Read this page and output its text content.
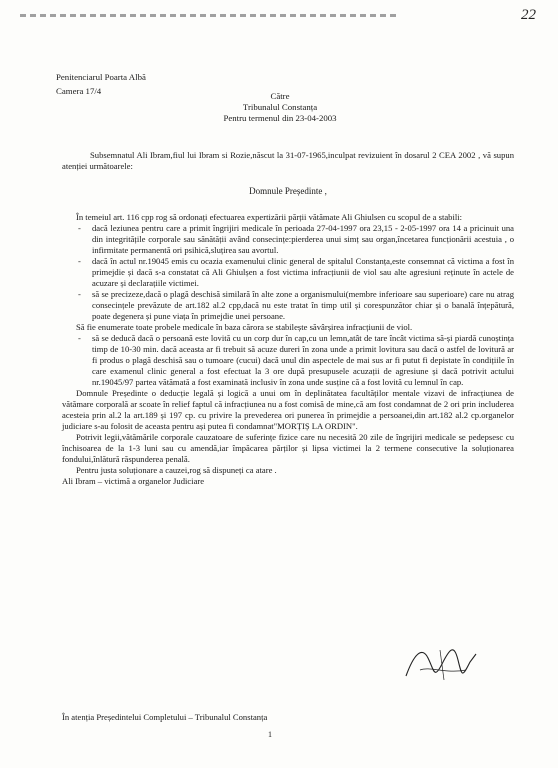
22
Penitenciarul Poarta Albă
Camera 17/4	Către
Tribunalul Constanța
Pentru termenul din 23-04-2003

Subsemnatul Ali Ibram,fiul lui Ibram si Rozie,născut la 31-07-1965,inculpat revizuient în dosarul 2 CEA 2002 , vă supun atenției următoarele:

Domnule Președinte ,

În temeiul art. 116 cpp rog să ordonați efectuarea expertizării părții vătămate Ali Ghiulsen cu scopul de a stabili:

- dacă leziunea pentru care a primit îngrijiri medicale în perioada 27-04-1997 ora 23,15 - 2-05-1997 ora 14 a pricinuit una din integritățile corporale sau sănătății având consecințe:pierderea unui simț sau organ,încetarea funcționării acestuia , o infirmitate permanentă ori psihică,sluțirea sau avortul.
- dacă în actul nr.19045 emis cu ocazia examenului clinic general de spitalul Constanța,este consemnat că victima a fost în primejdie și dacă s-a constatat că Ali Ghiulșen a fost victima infracțiunii de viol sau alte agresiuni reținute în actele de acuzare și declarațiile victimei.
- să se precizeze,dacă o plagă deschisă similară în alte zone a organismului(membre inferioare sau superioare) care nu atrag consecințele prevăzute de art.182 al.2 cpp,dacă nu este tratat în timp util și corespunzător chiar și o banală înțepătură, poate degenera și pune viața în primejdie unei persoane.

Să fie enumerate toate probele medicale în baza cărora se stabilește săvârșirea infracțiunii de viol.

- să se deducă dacă o persoană este lovită cu un corp dur în cap,cu un lemn,atât de tare încât victima să-și piardă cunoștința timp de 10-30 min. dacă aceasta ar fi trebuit să acuze dureri în zona unde a primit lovitura sau dacă o astfel de lovitură ar fi produs o plagă deschisă sau o tumoare (cucui) dacă unul din aspectele de mai sus ar fi putut fi depistate în condițiile în care examenul clinic general a fost efectuat la 3 ore după presupusele acuzații de agresiune și dacă potrivit actului nr.19045/97 partea vătămată a fost examinată inclusiv în zona unde susține că a fost lovită cu lemnul în cap.

Domnule Președinte o deducție legală și logică a unui om în deplinătatea facultăților mentale vizavi de infracțiunea de vătămare corporală ar scoate în relief faptul că infracțiunea nu a fost comisă de mine,că am fost condamnat de 2 ori prin includerea acesteia prin al.2 la art.189 și 197 cp. cu privire la prevederea ori punerea în primejdie a persoanei,din art.182 al.2 cp.organelor judiciare s-au folosit de aceasta pentru ași putea fi condamnat"MORȚIȘ LA ORDIN".

Potrivit legii,vătămările corporale cauzatoare de suferințe fizice care nu necesită 20 zile de îngrijiri medicale se pedepsesc cu închisoarea de la 1-3 luni sau cu amendă,iar împăcarea părților și lipsa victimei la 2 termene consecutive la soluționarea fondului,înlătură răspunderea penală.

Pentru justa soluționare a cauzei,rog să dispuneți ca atare .

Ali Ibram – victimă a organelor Judiciare

În atenția Președintelui Completului – Tribunalul Constanța
1
